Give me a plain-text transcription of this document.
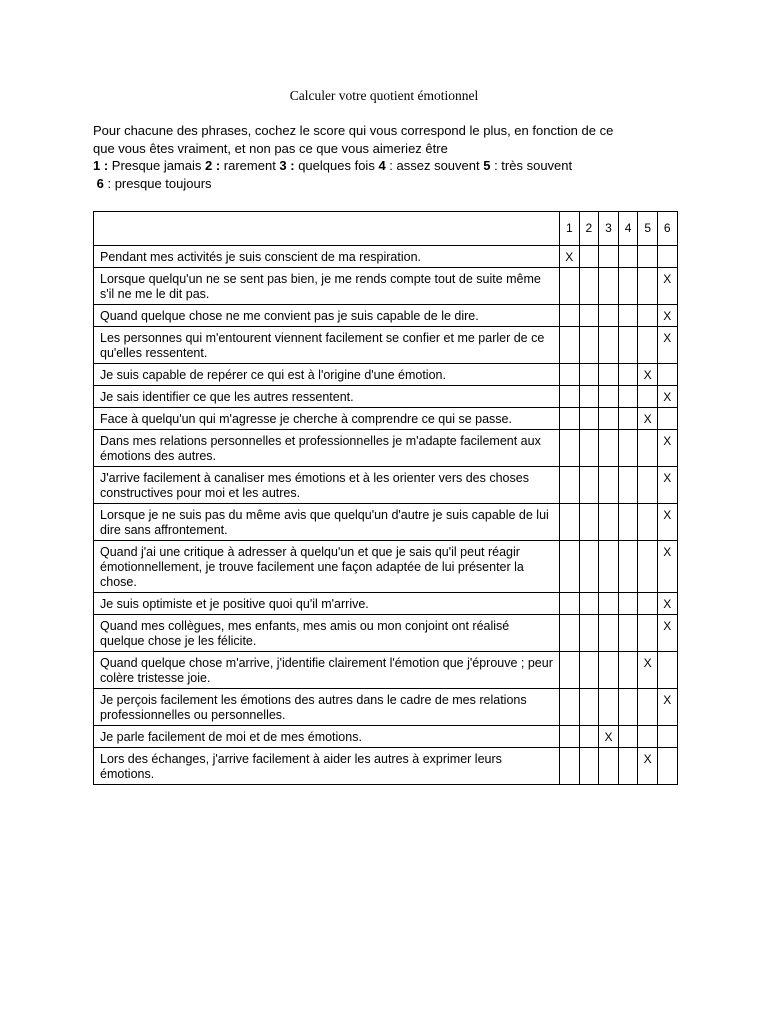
Calculer votre quotient émotionnel

Pour chacune des phrases, cochez le score qui vous correspond le plus, en fonction de ce

que vous êtes vraiment, et non pas ce que vous aimeriez être

1 : Presque jamais 2 : rarement 3 : quelques fois 4 : assez souvent 5 : très souvent

6 : presque toujours

	1	2	3	4	5	6
Pendant mes activités je suis conscient de ma respiration.	X					
Lorsque quelqu'un ne se sent pas bien, je me rends compte tout de suite même s'il ne me le dit pas.						X
Quand quelque chose ne me convient pas je suis capable de le dire.						X
Les personnes qui m'entourent viennent facilement se confier et me parler de ce qu'elles ressentent.						X
Je suis capable de repérer ce qui est à l'origine d'une émotion.					X	
Je sais identifier ce que les autres ressentent.						X
Face à quelqu'un qui m'agresse je cherche à comprendre ce qui se passe.					X	
Dans mes relations personnelles et professionnelles je m'adapte facilement aux émotions des autres.						X
J'arrive facilement à canaliser mes émotions et à les orienter vers des choses constructives pour moi et les autres.						X
Lorsque je ne suis pas du même avis que quelqu'un d'autre je suis capable de lui dire sans affrontement.						X
Quand j'ai une critique à adresser à quelqu'un et que je sais qu'il peut réagir émotionnellement, je trouve facilement une façon adaptée de lui présenter la chose.						X
Je suis optimiste et je positive quoi qu'il m'arrive.						X
Quand mes collègues, mes enfants, mes amis ou mon conjoint ont réalisé quelque chose je les félicite.						X
Quand quelque chose m'arrive, j'identifie clairement l'émotion que j'éprouve ; peur colère tristesse joie.					X	
Je perçois facilement les émotions des autres dans le cadre de mes relations professionnelles ou personnelles.						X
Je parle facilement de moi et de mes émotions.			X			
Lors des échanges, j'arrive facilement à aider les autres à exprimer leurs émotions.					X	
